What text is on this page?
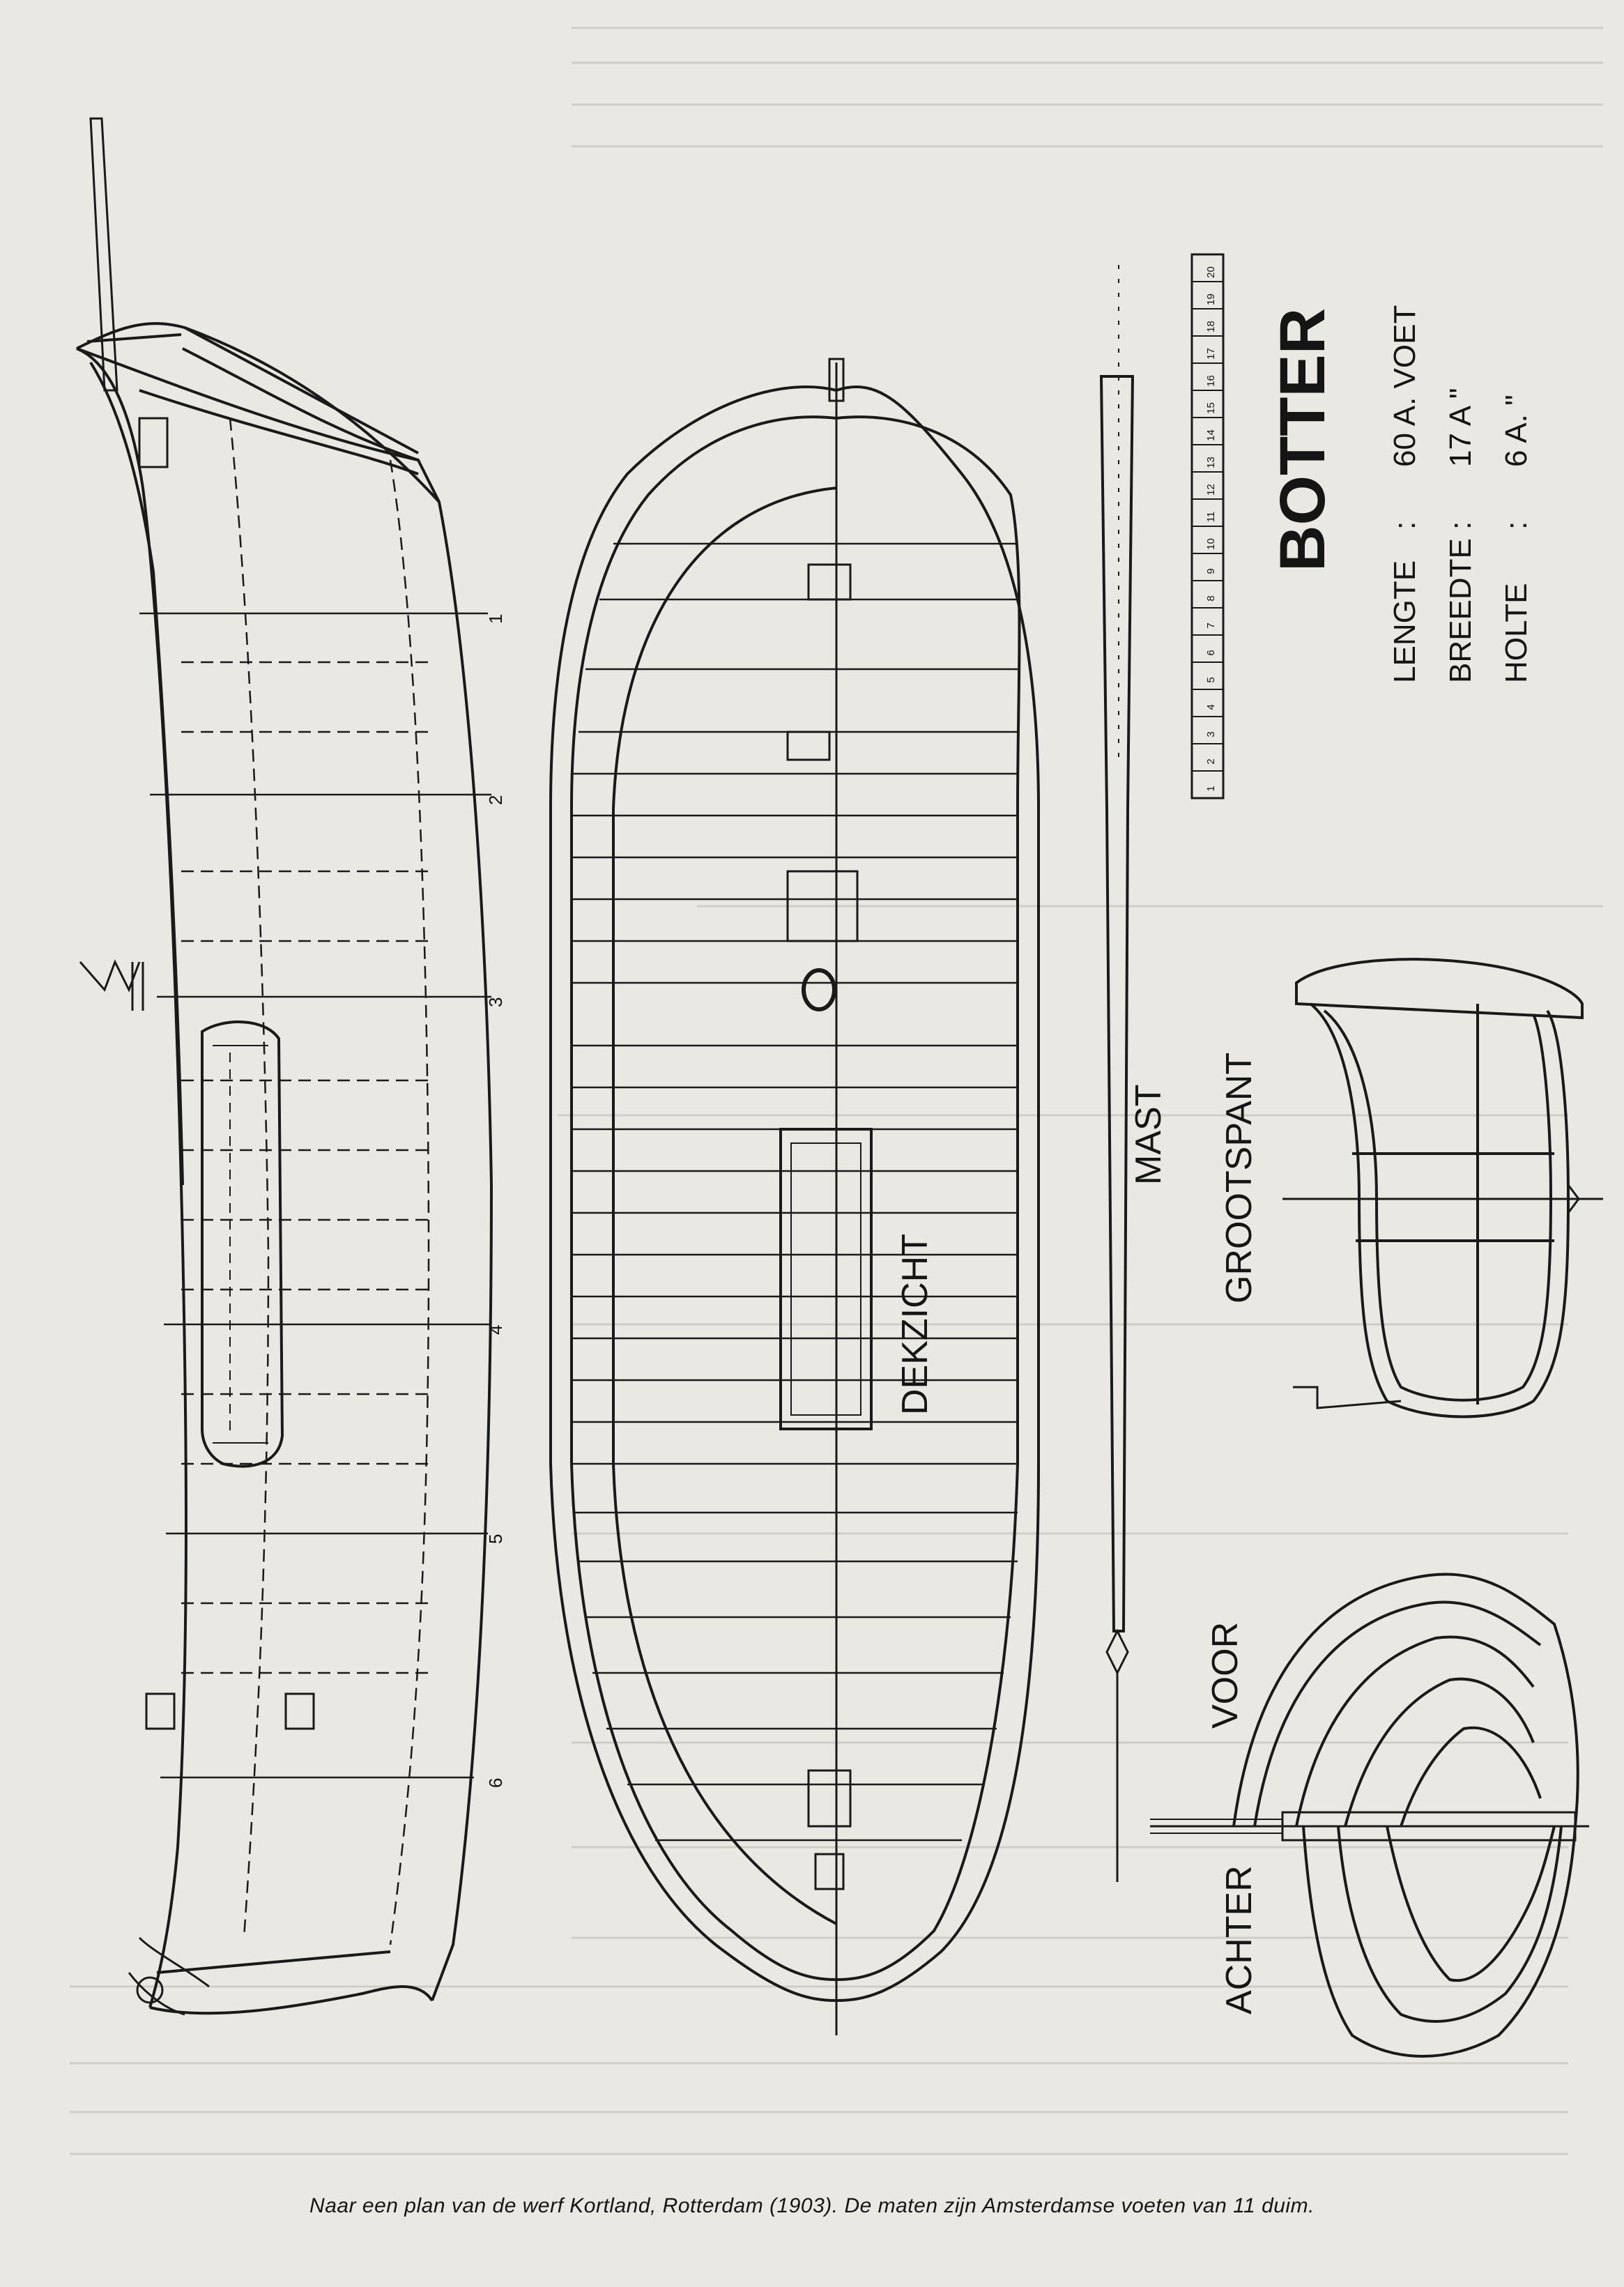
1
2
3
4
5
6
DEKZICHT
MAST GROOTSPANT
BOTTER
LENGTE
:
60 A. VOET
BREEDTE
:
17 A "
HOLTE
:
6 A. "
1
2
3
4
5
6
7
8
9
10
11
12
13
14
15
16
17
18
19
20
VOOR
ACHTER
Naar een plan van de werf Kortland, Rotterdam (1903). De maten zijn Amsterdamse voeten van 11 duim.
